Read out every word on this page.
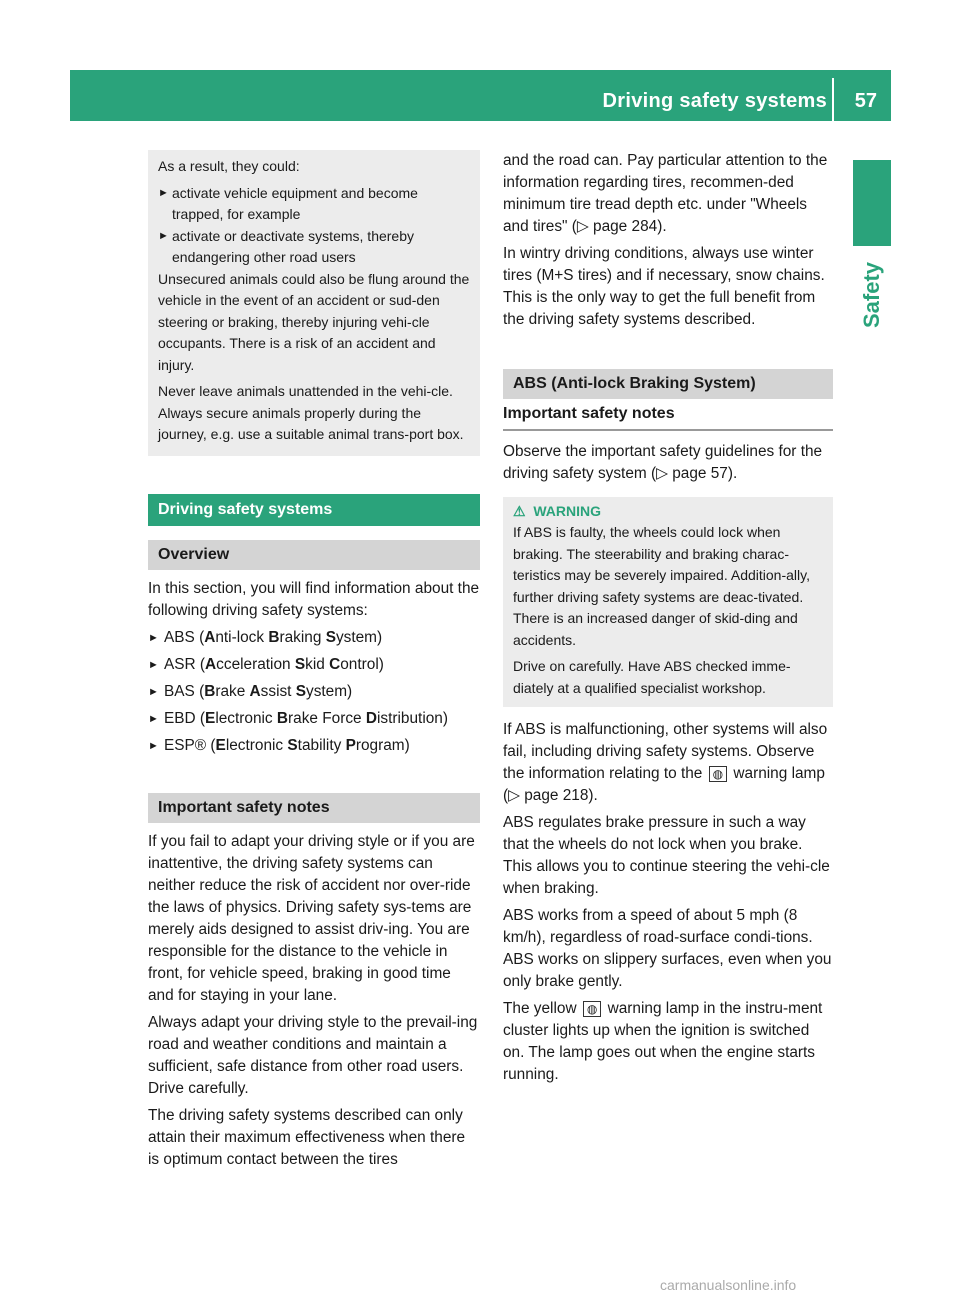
Driving safety systems 57
Safety

As a result, they could:

► activate vehicle equipment and become trapped, for example
► activate or deactivate systems, thereby endangering other road users

Unsecured animals could also be flung around the vehicle in the event of an accident or sud-den steering or braking, thereby injuring vehi-cle occupants. There is a risk of an accident and injury.

Never leave animals unattended in the vehi-cle. Always secure animals properly during the journey, e.g. use a suitable animal trans-port box.

Driving safety systems
Overview

In this section, you will find information about the following driving safety systems:

► ABS (Anti-lock Braking System)
► ASR (Acceleration Skid Control)
► BAS (Brake Assist System)
► EBD (Electronic Brake Force Distribution)
► ESP® (Electronic Stability Program)
Important safety notes

If you fail to adapt your driving style or if you are inattentive, the driving safety systems can neither reduce the risk of accident nor over-ride the laws of physics. Driving safety sys-tems are merely aids designed to assist driv-ing. You are responsible for the distance to the vehicle in front, for vehicle speed, braking in good time and for staying in your lane.

Always adapt your driving style to the prevail-ing road and weather conditions and maintain a sufficient, safe distance from other road users. Drive carefully.

The driving safety systems described can only attain their maximum effectiveness when there is optimum contact between the tires

and the road can. Pay particular attention to the information regarding tires, recommen-ded minimum tire tread depth etc. under "Wheels and tires" (▷ page 284).

In wintry driving conditions, always use winter tires (M+S tires) and if necessary, snow chains. This is the only way to get the full benefit from the driving safety systems described.

ABS (Anti-lock Braking System)
Important safety notes

Observe the important safety guidelines for the driving safety system (▷ page 57).

⚠  WARNING

If ABS is faulty, the wheels could lock when braking. The steerability and braking charac-teristics may be severely impaired. Addition-ally, further driving safety systems are deac-tivated. There is an increased danger of skid-ding and accidents.

Drive on carefully. Have ABS checked imme-diately at a qualified specialist workshop.

If ABS is malfunctioning, other systems will also fail, including driving safety systems. Observe the information relating to the ◍ warning lamp (▷ page 218).

ABS regulates brake pressure in such a way that the wheels do not lock when you brake. This allows you to continue steering the vehi-cle when braking.

ABS works from a speed of about 5 mph (8 km/h), regardless of road-surface condi-tions. ABS works on slippery surfaces, even when you only brake gently.

The yellow ◍ warning lamp in the instru-ment cluster lights up when the ignition is switched on. The lamp goes out when the engine starts running.

carmanualsonline.info
